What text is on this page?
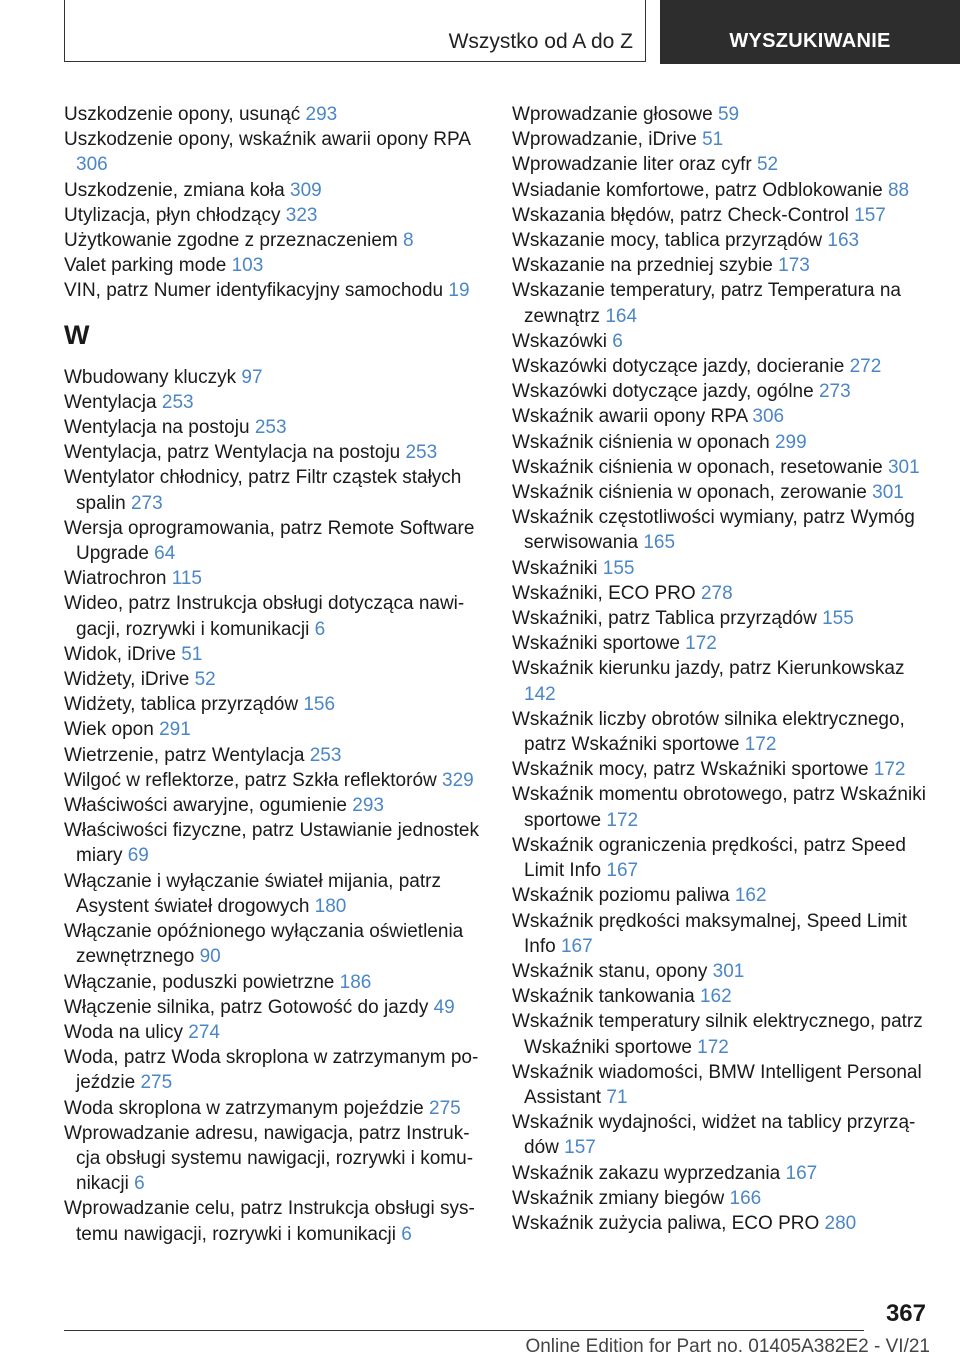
Wszystko od A do Z	WYSZUKIWANIE
Uszkodzenie opony, usunąć 293
Uszkodzenie opony, wskaźnik awarii opony RPA 306
Uszkodzenie, zmiana koła 309
Utylizacja, płyn chłodzący 323
Użytkowanie zgodne z przeznaczeniem 8
Valet parking mode 103
VIN, patrz Numer identyfikacyjny samochodu 19
W
Wbudowany kluczyk 97
Wentylacja 253
Wentylacja na postoju 253
Wentylacja, patrz Wentylacja na postoju 253
Wentylator chłodnicy, patrz Filtr cząstek stałych spalin 273
Wersja oprogramowania, patrz Remote Software Upgrade 64
Wiatrochron 115
Wideo, patrz Instrukcja obsługi dotycząca nawigacji, rozrywki i komunikacji 6
Widok, iDrive 51
Widżety, iDrive 52
Widżety, tablica przyrządów 156
Wiek opon 291
Wietrzenie, patrz Wentylacja 253
Wilgoć w reflektorze, patrz Szkła reflektorów 329
Właściwości awaryjne, ogumienie 293
Właściwości fizyczne, patrz Ustawianie jednostek miary 69
Włączanie i wyłączanie świateł mijania, patrz Asystent świateł drogowych 180
Włączanie opóźnionego wyłączania oświetlenia zewnętrznego 90
Włączanie, poduszki powietrzne 186
Włączenie silnika, patrz Gotowość do jazdy 49
Woda na ulicy 274
Woda, patrz Woda skroplona w zatrzymanym pojeździe 275
Woda skroplona w zatrzymanym pojeździe 275
Wprowadzanie adresu, nawigacja, patrz Instrukcja obsługi systemu nawigacji, rozrywki i komunikacji 6
Wprowadzanie celu, patrz Instrukcja obsługi systemu nawigacji, rozrywki i komunikacji 6
Wprowadzanie głosowe 59
Wprowadzanie, iDrive 51
Wprowadzanie liter oraz cyfr 52
Wsiadanie komfortowe, patrz Odblokowanie 88
Wskazania błędów, patrz Check-Control 157
Wskazanie mocy, tablica przyrządów 163
Wskazanie na przedniej szybie 173
Wskazanie temperatury, patrz Temperatura na zewnątrz 164
Wskazówki 6
Wskazówki dotyczące jazdy, docieranie 272
Wskazówki dotyczące jazdy, ogólne 273
Wskaźnik awarii opony RPA 306
Wskaźnik ciśnienia w oponach 299
Wskaźnik ciśnienia w oponach, resetowanie 301
Wskaźnik ciśnienia w oponach, zerowanie 301
Wskaźnik częstotliwości wymiany, patrz Wymóg serwisowania 165
Wskaźniki 155
Wskaźniki, ECO PRO 278
Wskaźniki, patrz Tablica przyrządów 155
Wskaźniki sportowe 172
Wskaźnik kierunku jazdy, patrz Kierunkowskaz 142
Wskaźnik liczby obrotów silnika elektrycznego, patrz Wskaźniki sportowe 172
Wskaźnik mocy, patrz Wskaźniki sportowe 172
Wskaźnik momentu obrotowego, patrz Wskaźniki sportowe 172
Wskaźnik ograniczenia prędkości, patrz Speed Limit Info 167
Wskaźnik poziomu paliwa 162
Wskaźnik prędkości maksymalnej, Speed Limit Info 167
Wskaźnik stanu, opony 301
Wskaźnik tankowania 162
Wskaźnik temperatury silnik elektrycznego, patrz Wskaźniki sportowe 172
Wskaźnik wiadomości, BMW Intelligent Personal Assistant 71
Wskaźnik wydajności, widżet na tablicy przyrządów 157
Wskaźnik zakazu wyprzedzania 167
Wskaźnik zmiany biegów 166
Wskaźnik zużycia paliwa, ECO PRO 280
367
Online Edition for Part no. 01405A382E2 - VI/21
